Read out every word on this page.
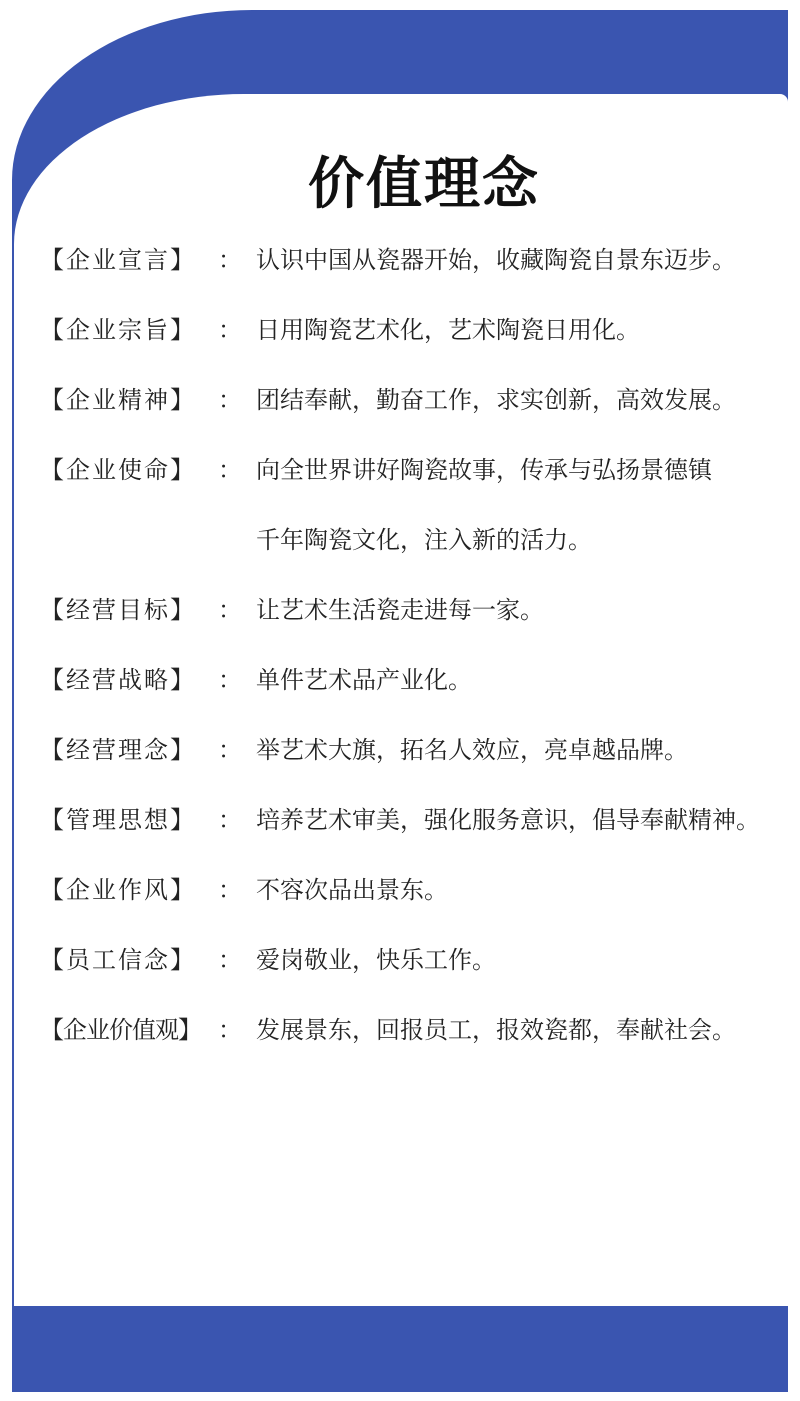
价值理念
【企业宣言】 ： 认识中国从瓷器开始，收藏陶瓷自景东迈步。
【企业宗旨】 ： 日用陶瓷艺术化，艺术陶瓷日用化。
【企业精神】 ： 团结奉献，勤奋工作，求实创新，高效发展。
【企业使命】 ： 向全世界讲好陶瓷故事，传承与弘扬景德镇
千年陶瓷文化，注入新的活力。
【经营目标】 ： 让艺术生活瓷走进每一家。
【经营战略】 ： 单件艺术品产业化。
【经营理念】 ： 举艺术大旗，拓名人效应，亮卓越品牌。
【管理思想】 ： 培养艺术审美，强化服务意识，倡导奉献精神。
【企业作风】 ： 不容次品出景东。
【员工信念】 ： 爱岗敬业，快乐工作。
【企业价值观】 ： 发展景东，回报员工，报效瓷都，奉献社会。
